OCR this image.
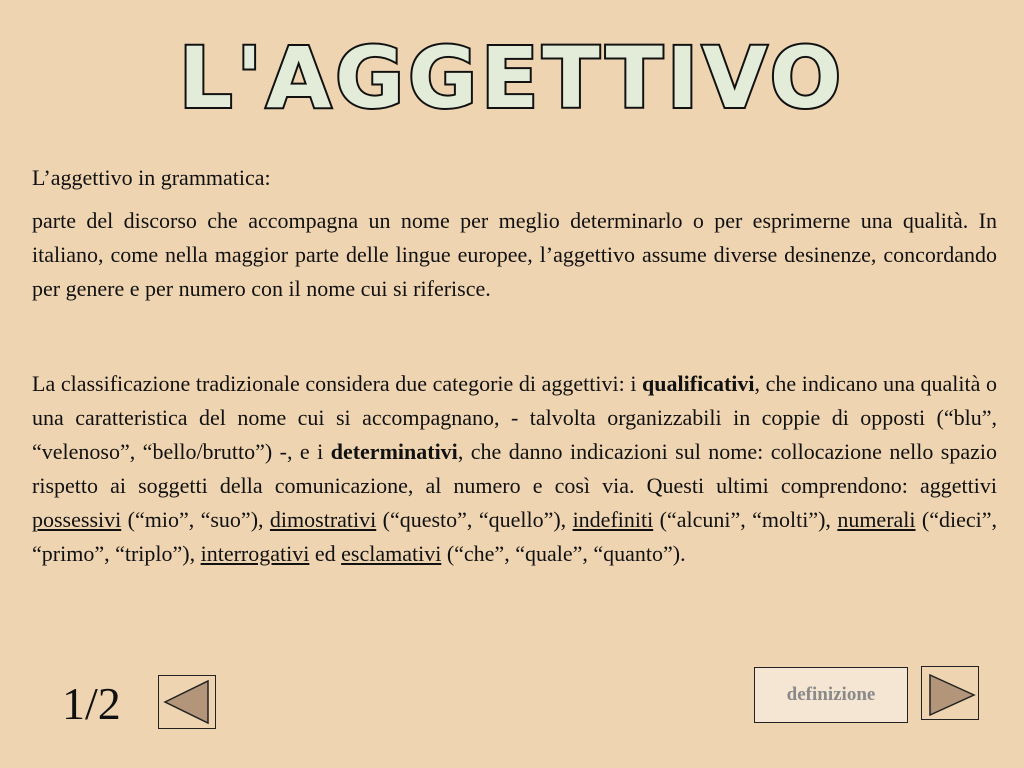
L'AGGETTIVO

L’aggettivo in grammatica:

parte del discorso che accompagna un nome per meglio determinarlo o per esprimerne una qualità. In italiano, come nella maggior parte delle lingue europee, l’aggettivo assume diverse desinenze, concordando per genere e per numero con il nome cui si riferisce.

La classificazione tradizionale considera due categorie di aggettivi: i qualificativi, che indicano una qualità o una caratteristica del nome cui si accompagnano, - talvolta organizzabili in coppie di opposti (“blu”, “velenoso”, “bello/brutto”) -, e i determinativi, che danno indicazioni sul nome: collocazione nello spazio rispetto ai soggetti della comunicazione, al numero e così via. Questi ultimi comprendono: aggettivi possessivi (“mio”, “suo”), dimostrativi (“questo”, “quello”), indefiniti (“alcuni”, “molti”), numerali (“dieci”, “primo”, “triplo”), interrogativi ed esclamativi (“che”, “quale”, “quanto”).

1/2	definizione
